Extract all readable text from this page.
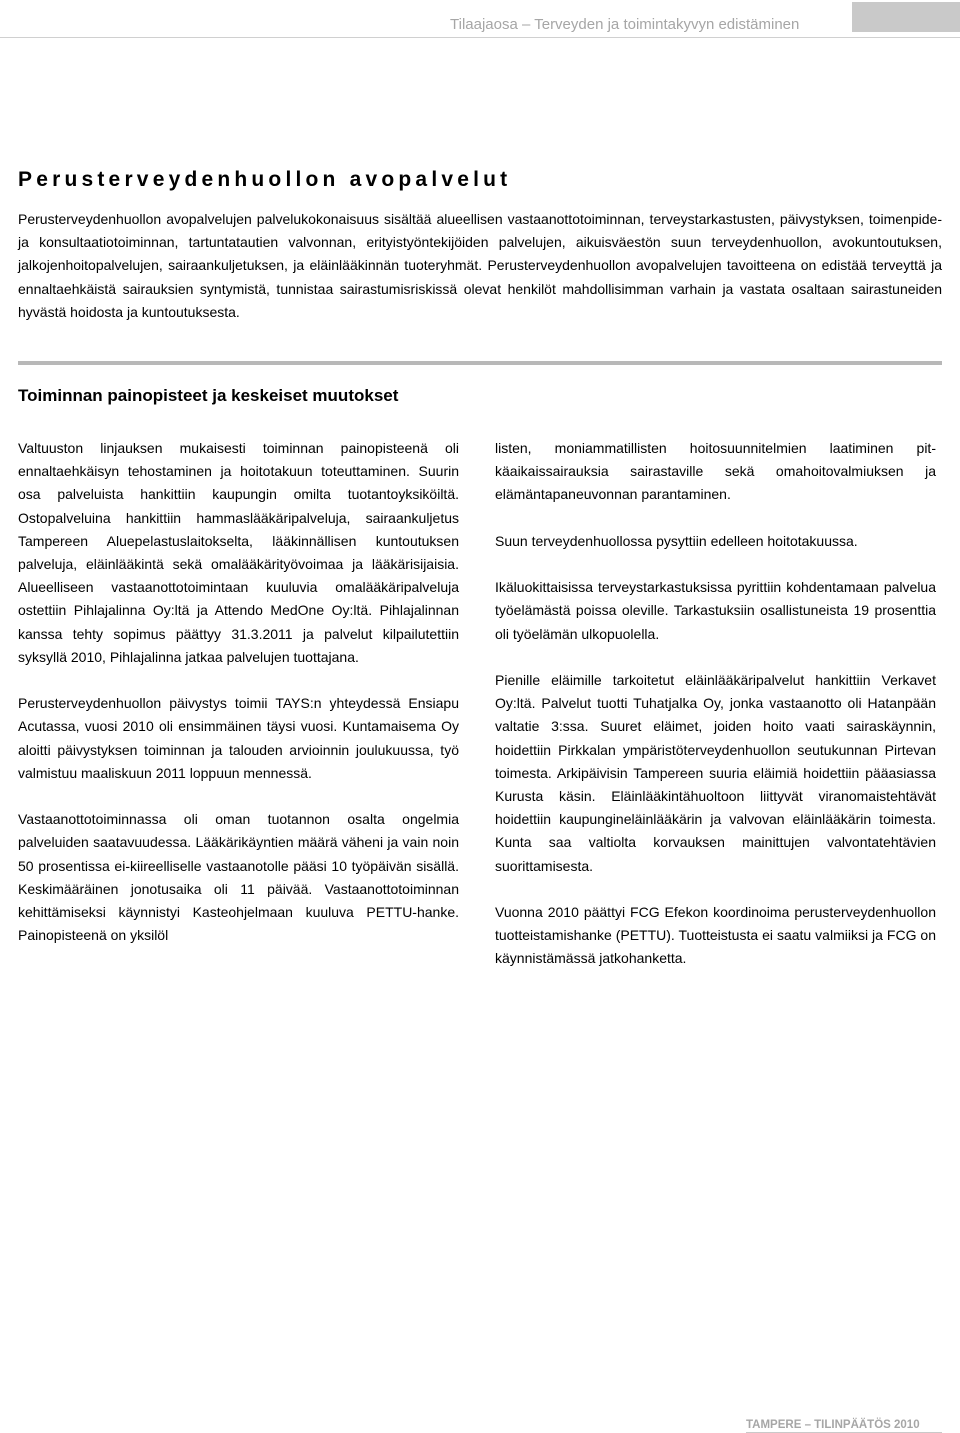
Tilaajaosa – Terveyden ja toimintakyvyn edistäminen
Perusterveydenhuollon avopalvelut

Perusterveydenhuollon avopalvelujen palvelukokonaisuus sisältää alueellisen vastaanottotoiminnan, terveystarkastusten, päivystyksen, toimenpide- ja konsultaatiotoiminnan, tartuntatautien valvonnan, erityistyöntekijöiden palvelujen, aikuisväestön suun terveydenhuollon, avokuntoutuksen, jalkojenhoitopalvelujen, sairaankuljetuksen, ja eläinlääkinnän tuoteryhmät. Perusterveydenhuollon avopalvelujen tavoitteena on edistää terveyttä ja ennaltaehkäistä sairauksien syntymistä, tunnistaa sairastumisriskissä olevat henkilöt mahdollisimman varhain ja vastata osaltaan sairastuneiden hyvästä hoidosta ja kuntoutuksesta.

Toiminnan painopisteet ja keskeiset muutokset

Valtuuston linjauksen mukaisesti toiminnan painopisteenä oli ennaltaehkäisyn tehostaminen ja hoitotakuun toteuttaminen. Suurin osa palveluista hankittiin kaupungin omilta tuotantoyksiköiltä. Ostopalveluina hankittiin hammaslääkäripalveluja, sairaankuljetus Tampereen Aluepelastuslaitokselta, lääkinnällisen kuntoutuksen palveluja, eläinlääkintä sekä omalääkärityövoimaa ja lääkärisijaisia. Alueelliseen vastaanottotoimintaan kuuluvia omalääkäripalveluja ostettiin Pihlajalinna Oy:ltä ja Attendo MedOne Oy:ltä. Pihlajalinnan kanssa tehty sopimus päättyy 31.3.2011 ja palvelut kilpailutettiin syksyllä 2010, Pihlajalinna jatkaa palvelujen tuottajana.

Perusterveydenhuollon päivystys toimii TAYS:n yhteydessä Ensiapu Acutassa, vuosi 2010 oli ensimmäinen täysi vuosi. Kuntamaisema Oy aloitti päivystyksen toiminnan ja talouden arvioinnin joulukuussa, työ valmistuu maaliskuun 2011 loppuun mennessä.

Vastaanottotoiminnassa oli oman tuotannon osalta ongelmia palveluiden saatavuudessa. Lääkärikäyntien määrä väheni ja vain noin 50 prosentissa ei-kiireelliselle vastaanotolle pääsi 10 työpäivän sisällä. Keskimääräinen jonotusaika oli 11 päivää. Vastaanottotoiminnan kehittämiseksi käynnistyi Kasteohjelmaan kuuluva PETTU-hanke. Painopisteenä on yksilöl

listen, moniammatillisten hoitosuunnitelmien laatiminen pitkäaikaissairauksia sairastaville sekä omahoitovalmiuksen ja elämäntapaneuvonnan parantaminen.

Suun terveydenhuollossa pysyttiin edelleen hoitotakuussa.

Ikäluokittaisissa terveystarkastuksissa pyrittiin kohdentamaan palvelua työelämästä poissa oleville. Tarkastuksiin osallistuneista 19 prosenttia oli työelämän ulkopuolella.

Pienille eläimille tarkoitetut eläinlääkäripalvelut hankittiin Verkavet Oy:ltä. Palvelut tuotti Tuhatjalka Oy, jonka vastaanotto oli Hatanpään valtatie 3:ssa. Suuret eläimet, joiden hoito vaati sairaskäynnin, hoidettiin Pirkkalan ympäristöterveydenhuollon seutukunnan Pirtevan toimesta. Arkipäivisin Tampereen suuria eläimiä hoidettiin pääasiassa Kurusta käsin. Eläinlääkintähuoltoon liittyvät viranomaistehtävät hoidettiin kaupungineläinlääkärin ja valvovan eläinlääkärin toimesta. Kunta saa valtiolta korvauksen mainittujen valvontatehtävien suorittamisesta.

Vuonna 2010 päättyi FCG Efekon koordinoima perusterveydenhuollon tuotteistamishanke (PETTU). Tuotteistusta ei saatu valmiiksi ja FCG on käynnistämässä jatkohanketta.

TAMPERE – TILINPÄÄTÖS 2010
